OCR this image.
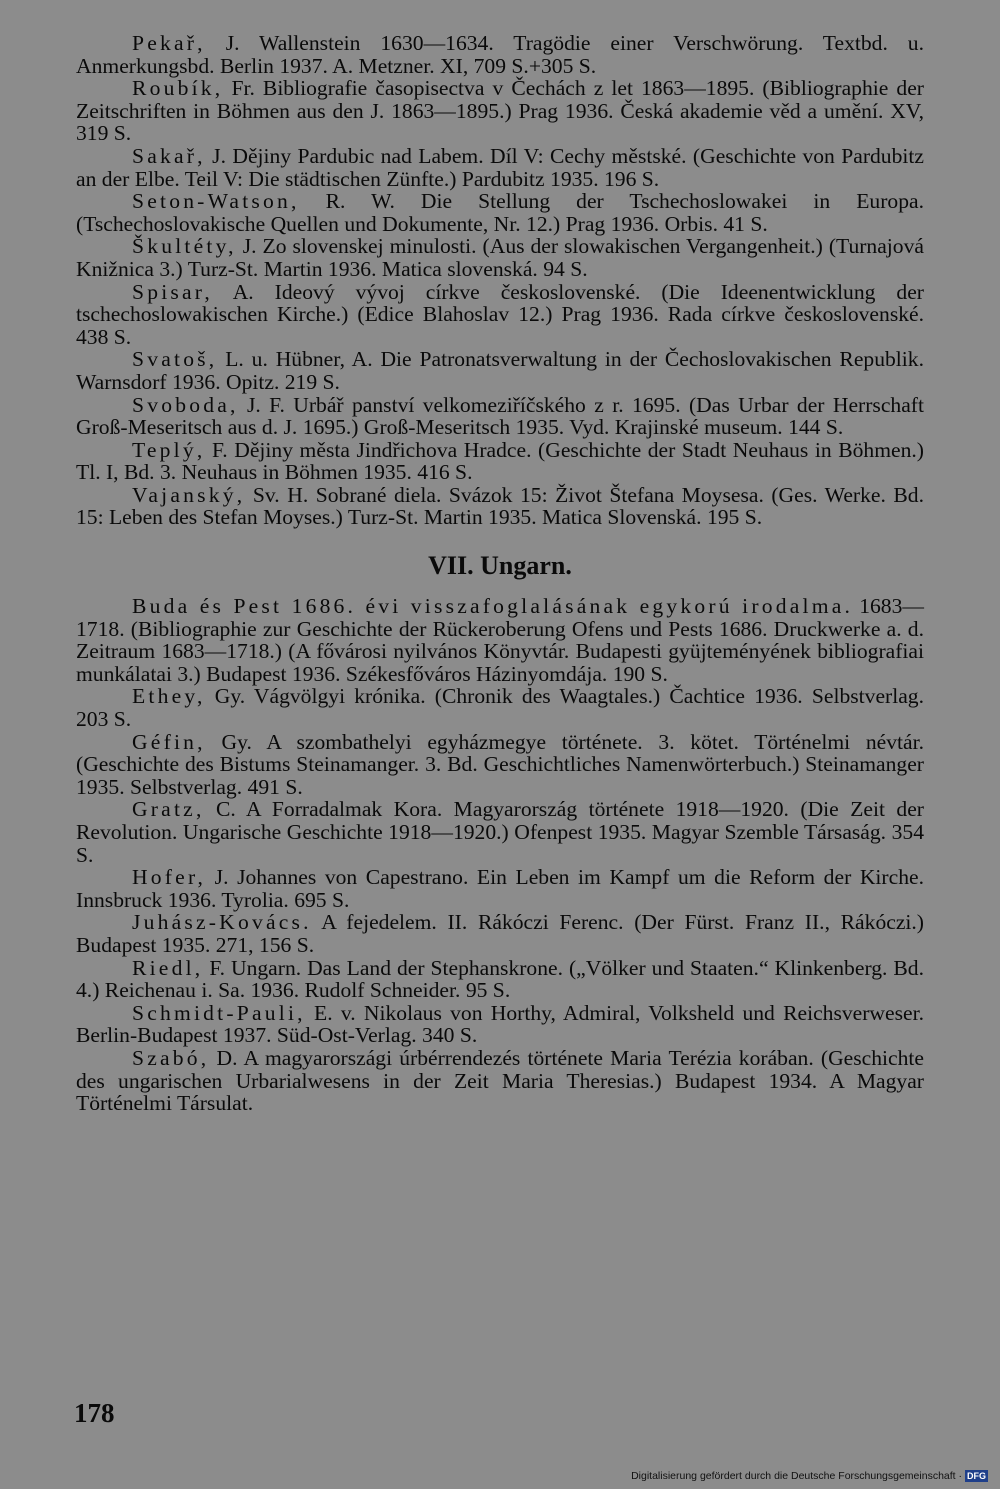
Pekař, J. Wallenstein 1630—1634. Tragödie einer Verschwörung. Textbd. u. Anmerkungsbd. Berlin 1937. A. Metzner. XI, 709 S.+305 S.

Roubík, Fr. Bibliografie časopisectva v Čechách z let 1863—1895. (Bibliographie der Zeitschriften in Böhmen aus den J. 1863—1895.) Prag 1936. Česká akademie věd a umění. XV, 319 S.

Sakař, J. Dějiny Pardubic nad Labem. Díl V: Cechy městské. (Geschichte von Pardubitz an der Elbe. Teil V: Die städtischen Zünfte.) Pardubitz 1935. 196 S.

Seton-Watson, R. W. Die Stellung der Tschechoslowakei in Europa. (Tschechoslovakische Quellen und Dokumente, Nr. 12.) Prag 1936. Orbis. 41 S.

Škultéty, J. Zo slovenskej minulosti. (Aus der slowakischen Vergangenheit.) (Turnajová Knižnica 3.) Turz-St. Martin 1936. Matica slovenská. 94 S.

Spisar, A. Ideový vývoj církve československé. (Die Ideenentwicklung der tschechoslowakischen Kirche.) (Edice Blahoslav 12.) Prag 1936. Rada církve československé. 438 S.

Svatoš, L. u. Hübner, A. Die Patronatsverwaltung in der Čechoslovakischen Republik. Warnsdorf 1936. Opitz. 219 S.

Svoboda, J. F. Urbář panství velkomeziříčského z r. 1695. (Das Urbar der Herrschaft Groß-Meseritsch aus d. J. 1695.) Groß-Meseritsch 1935. Vyd. Krajinské museum. 144 S.

Teplý, F. Dějiny města Jindřichova Hradce. (Geschichte der Stadt Neuhaus in Böhmen.) Tl. I, Bd. 3. Neuhaus in Böhmen 1935. 416 S.

Vajanský, Sv. H. Sobrané diela. Svázok 15: Život Štefana Moysesa. (Ges. Werke. Bd. 15: Leben des Stefan Moyses.) Turz-St. Martin 1935. Matica Slovenská. 195 S.

VII. Ungarn.

Buda és Pest 1686. évi visszafoglalásának egykorú irodalma. 1683—1718. (Bibliographie zur Geschichte der Rückeroberung Ofens und Pests 1686. Druckwerke a. d. Zeitraum 1683—1718.) (A fővárosi nyilvános Könyvtár. Budapesti gyüjteményének bibliografiai munkálatai 3.) Budapest 1936. Székesfőváros Házinyomdája. 190 S.

Ethey, Gy. Vágvölgyi krónika. (Chronik des Waagtales.) Čachtice 1936. Selbstverlag. 203 S.

Géfin, Gy. A szombathelyi egyházmegye története. 3. kötet. Történelmi névtár. (Geschichte des Bistums Steinamanger. 3. Bd. Geschichtliches Namenwörterbuch.) Steinamanger 1935. Selbstverlag. 491 S.

Gratz, C. A Forradalmak Kora. Magyarország története 1918—1920. (Die Zeit der Revolution. Ungarische Geschichte 1918—1920.) Ofenpest 1935. Magyar Szemble Társaság. 354 S.

Hofer, J. Johannes von Capestrano. Ein Leben im Kampf um die Reform der Kirche. Innsbruck 1936. Tyrolia. 695 S.

Juhász-Kovács. A fejedelem. II. Rákóczi Ferenc. (Der Fürst. Franz II., Rákóczi.) Budapest 1935. 271, 156 S.

Riedl, F. Ungarn. Das Land der Stephanskrone. („Völker und Staaten.“ Klinkenberg. Bd. 4.) Reichenau i. Sa. 1936. Rudolf Schneider. 95 S.

Schmidt-Pauli, E. v. Nikolaus von Horthy, Admiral, Volksheld und Reichsverweser. Berlin-Budapest 1937. Süd-Ost-Verlag. 340 S.

Szabó, D. A magyarországi úrbérrendezés története Maria Terézia korában. (Geschichte des ungarischen Urbarialwesens in der Zeit Maria Theresias.) Budapest 1934. A Magyar Történelmi Társulat.

178
Digitalisierung gefördert durch die Deutsche Forschungsgemeinschaft · DFG
